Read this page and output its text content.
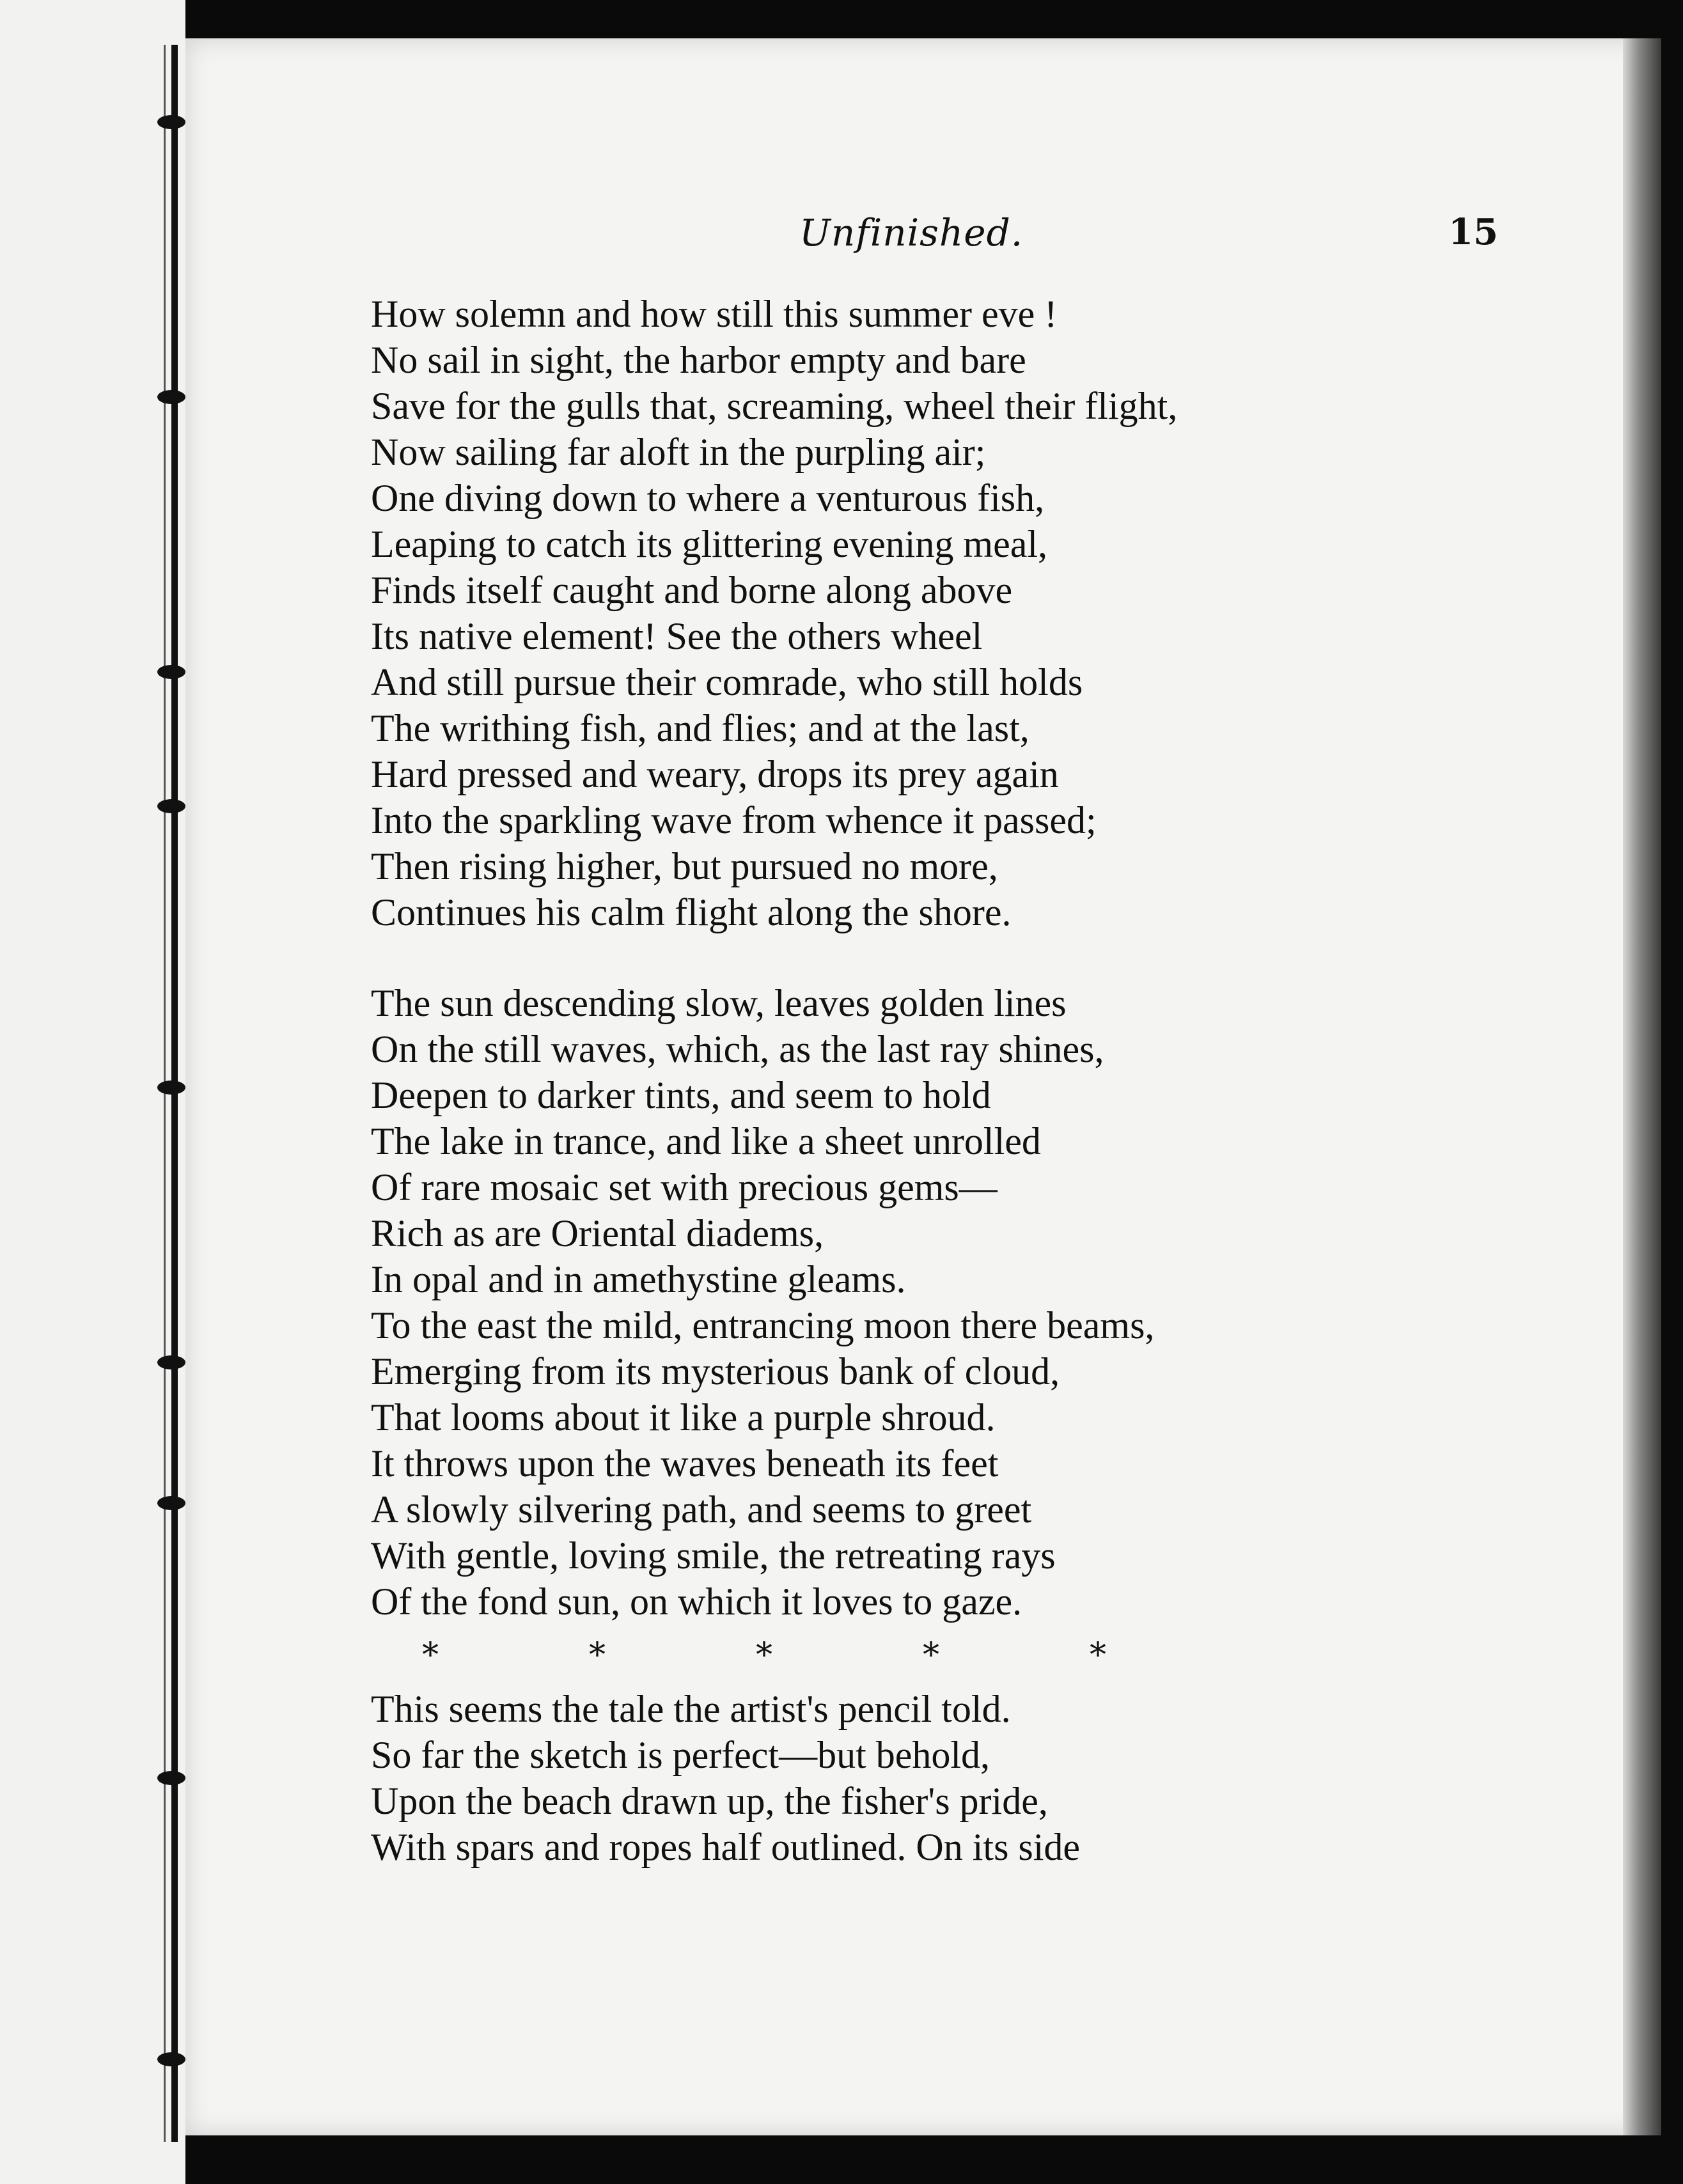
Unfinished.	15
How solemn and how still this summer eve !
No sail in sight, the harbor empty and bare
Save for the gulls that, screaming, wheel their flight,
Now sailing far aloft in the purpling air;
One diving down to where a venturous fish,
Leaping to catch its glittering evening meal,
Finds itself caught and borne along above
Its native element! See the others wheel
And still pursue their comrade, who still holds
The writhing fish, and flies; and at the last,
Hard pressed and weary, drops its prey again
Into the sparkling wave from whence it passed;
Then rising higher, but pursued no more,
Continues his calm flight along the shore.
The sun descending slow, leaves golden lines
On the still waves, which, as the last ray shines,
Deepen to darker tints, and seem to hold
The lake in trance, and like a sheet unrolled
Of rare mosaic set with precious gems—
Rich as are Oriental diadems,
In opal and in amethystine gleams.
To the east the mild, entrancing moon there beams,
Emerging from its mysterious bank of cloud,
That looms about it like a purple shroud.
It throws upon the waves beneath its feet
A slowly silvering path, and seems to greet
With gentle, loving smile, the retreating rays
Of the fond sun, on which it loves to gaze.
*	*	*	*	*
This seems the tale the artist's pencil told.
So far the sketch is perfect—but behold,
Upon the beach drawn up, the fisher's pride,
With spars and ropes half outlined. On its side
